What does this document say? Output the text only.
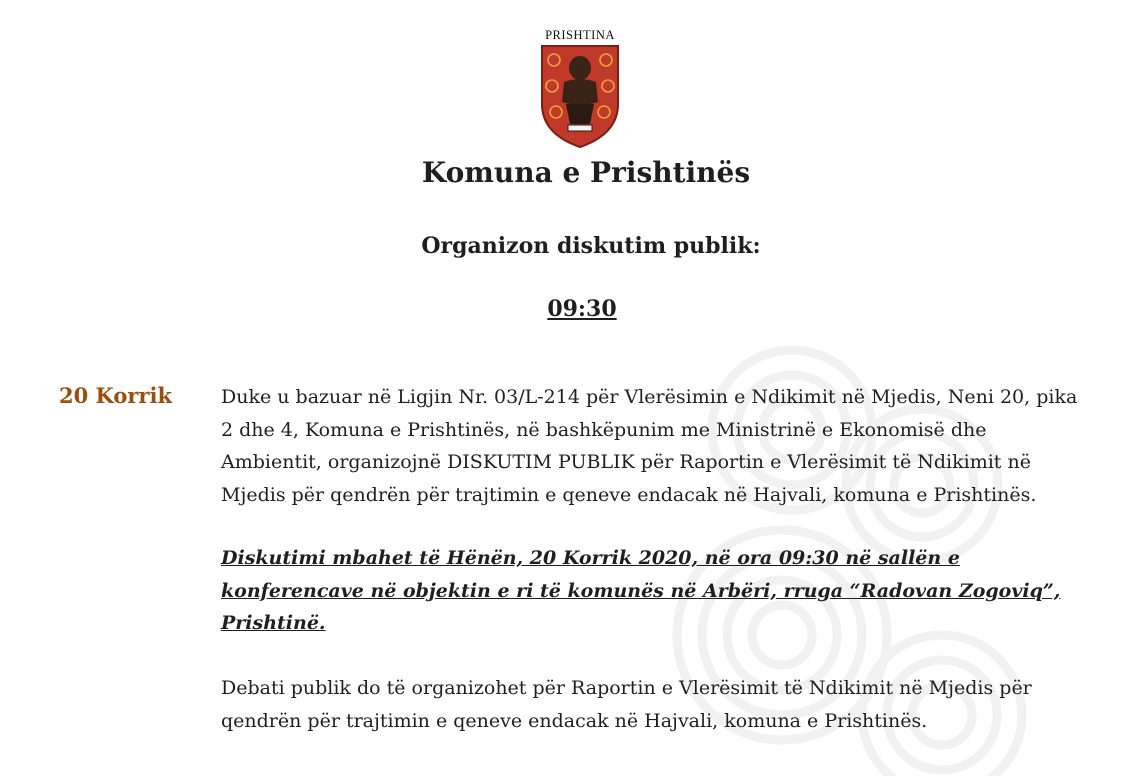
PRISHTINA
Komuna e Prishtinës
Organizon diskutim publik:
09:30
20 Korrik	Duke u bazuar në Ligjin Nr. 03/L-214 për Vlerësimin e Ndikimit në Mjedis, Neni 20, pika 2 dhe 4, Komuna e Prishtinës, në bashkëpunim me Ministrinë e Ekonomisë dhe Ambientit, organizojnë DISKUTIM PUBLIK për Raportin e Vlerësimit të Ndikimit në Mjedis për qendrën për trajtimin e qeneve endacak në Hajvali, komuna e Prishtinës.
Diskutimi mbahet të Hënën, 20 Korrik 2020, në ora 09:30 në sallën e konferencave në objektin e ri të komunës në Arbëri, rruga “Radovan Zogoviq”, Prishtinë.
Debati publik do të organizohet për Raportin e Vlerësimit të Ndikimit në Mjedis për qendrën për trajtimin e qeneve endacak në Hajvali, komuna e Prishtinës.
